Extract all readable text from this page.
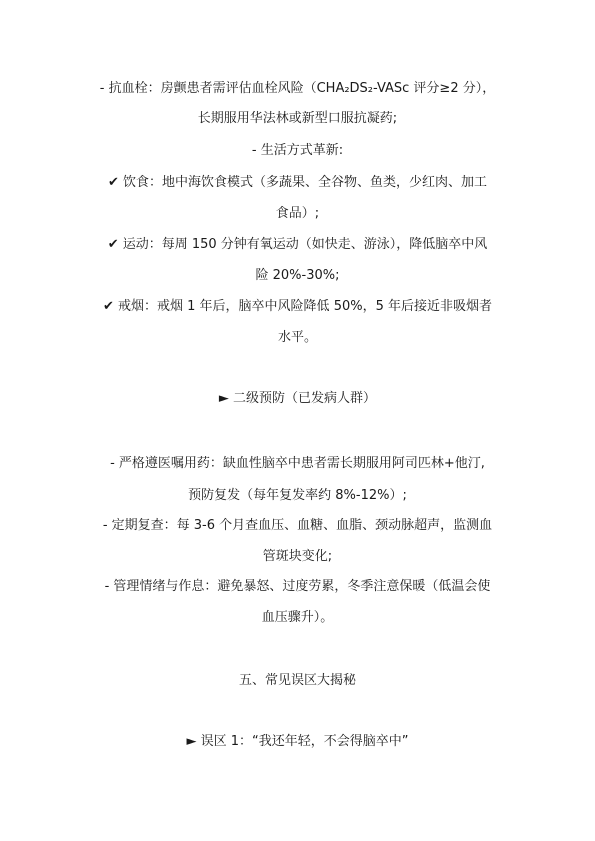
- 抗血栓：房颤患者需评估血栓风险（CHA₂DS₂-VASc 评分≥2 分），
长期服用华法林或新型口服抗凝药;
- 生活方式革新:
✔ 饮食：地中海饮食模式（多蔬果、全谷物、鱼类，少红肉、加工
食品）;
✔ 运动：每周 150 分钟有氧运动（如快走、游泳），降低脑卒中风
险 20%-30%;
✔ 戒烟：戒烟 1 年后，脑卒中风险降低 50%，5 年后接近非吸烟者
水平。
► 二级预防（已发病人群）
- 严格遵医嘱用药：缺血性脑卒中患者需长期服用阿司匹林+他汀,
预防复发（每年复发率约 8%-12%）;
- 定期复查：每 3-6 个月查血压、血糖、血脂、颈动脉超声，监测血
管斑块变化;
- 管理情绪与作息：避免暴怒、过度劳累，冬季注意保暖（低温会使
血压骤升）。
五、常见误区大揭秘
► 误区 1：“我还年轻，不会得脑卒中”
